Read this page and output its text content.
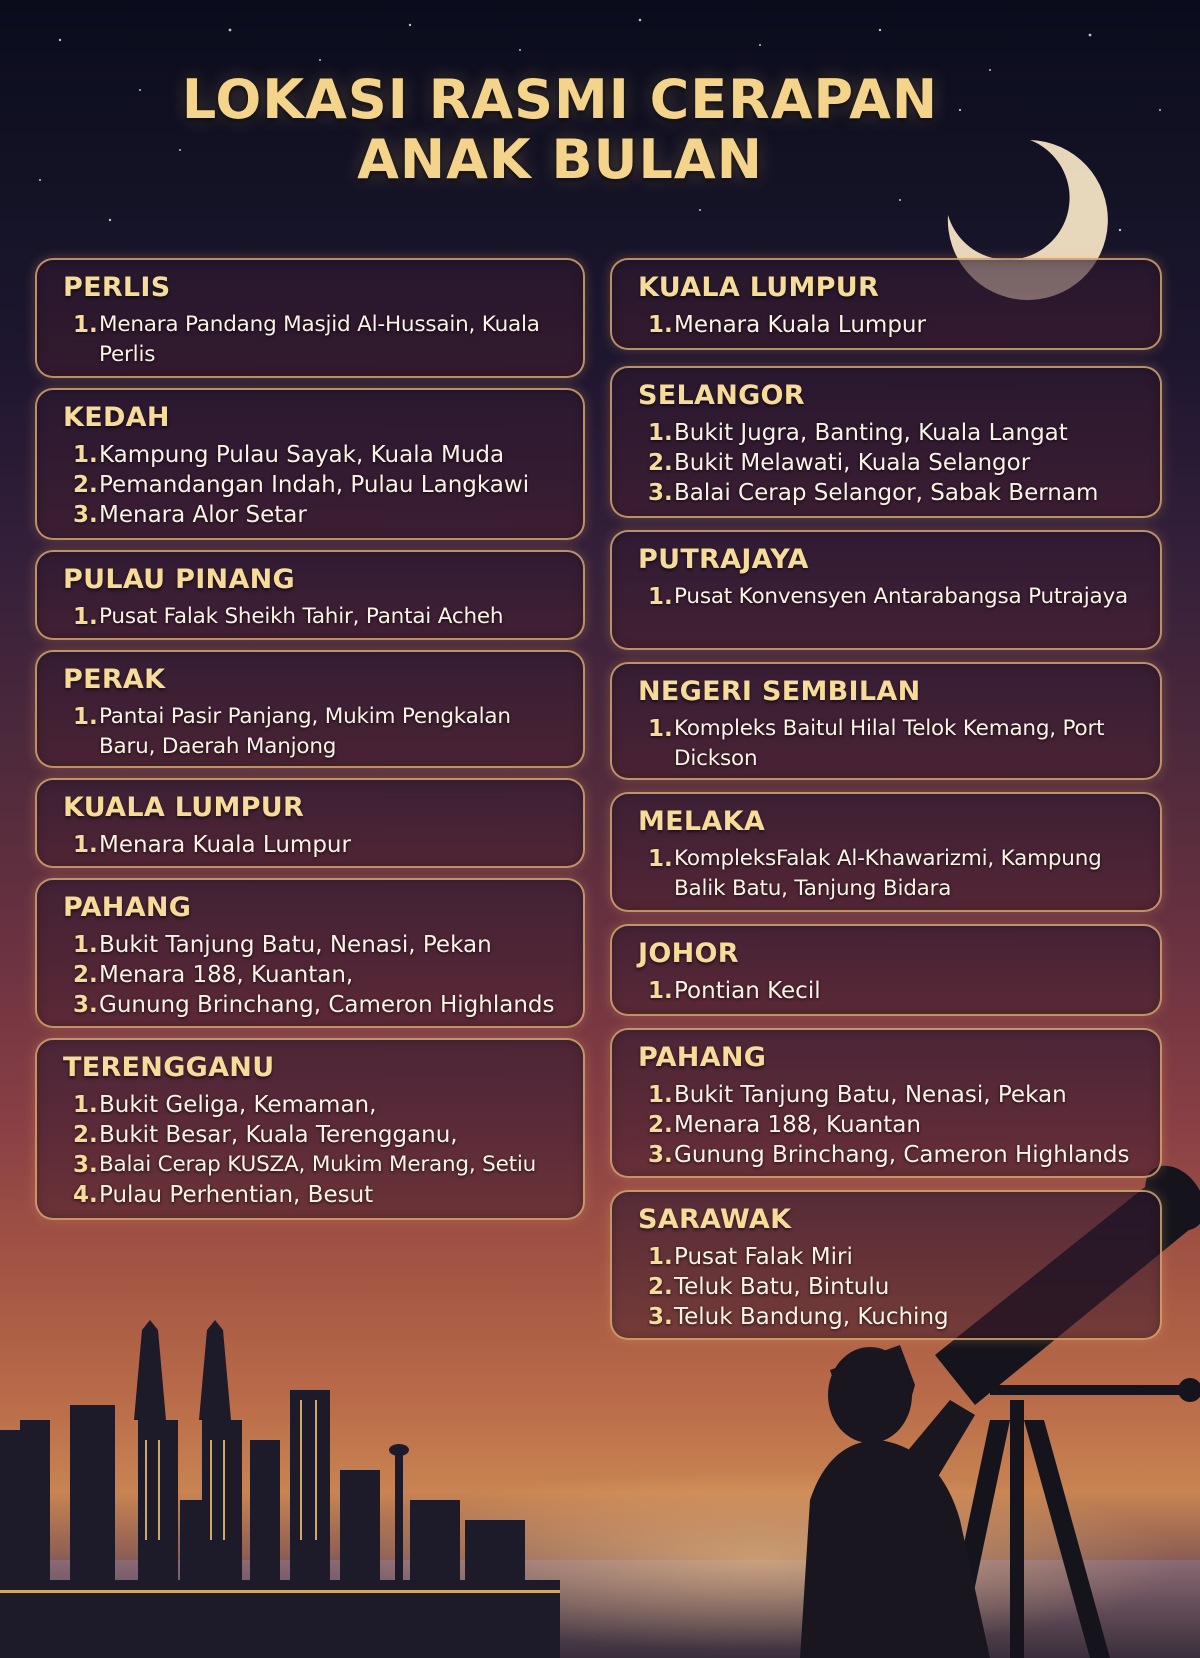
LOKASI RASMI CERAPAN
ANAK BULAN
PERLIS
1. Menara Pandang Masjid Al-Hussain, Kuala Perlis
KEDAH
1. Kampung Pulau Sayak, Kuala Muda
2. Pemandangan Indah, Pulau Langkawi
3. Menara Alor Setar
PULAU PINANG
1. Pusat Falak Sheikh Tahir, Pantai Acheh
PERAK
1. Pantai Pasir Panjang, Mukim Pengkalan Baru, Daerah Manjong
KUALA LUMPUR
1. Menara Kuala Lumpur
PAHANG
1. Bukit Tanjung Batu, Nenasi, Pekan
2. Menara 188, Kuantan,
3. Gunung Brinchang, Cameron Highlands
TERENGGANU
1. Bukit Geliga, Kemaman,
2. Bukit Besar, Kuala Terengganu,
3. Balai Cerap KUSZA, Mukim Merang, Setiu
4. Pulau Perhentian, Besut
KUALA LUMPUR
1. Menara Kuala Lumpur
SELANGOR
1. Bukit Jugra, Banting, Kuala Langat
2. Bukit Melawati, Kuala Selangor
3. Balai Cerap Selangor, Sabak Bernam
PUTRAJAYA
1. Pusat Konvensyen Antarabangsa Putrajaya
NEGERI SEMBILAN
1. Kompleks Baitul Hilal Telok Kemang, Port Dickson
MELAKA
1. KompleksFalak Al-Khawarizmi, Kampung Balik Batu, Tanjung Bidara
JOHOR
1. Pontian Kecil
PAHANG
1. Bukit Tanjung Batu, Nenasi, Pekan
2. Menara 188, Kuantan
3. Gunung Brinchang, Cameron Highlands
SARAWAK
1. Pusat Falak Miri
2. Teluk Batu, Bintulu
3. Teluk Bandung, Kuching
